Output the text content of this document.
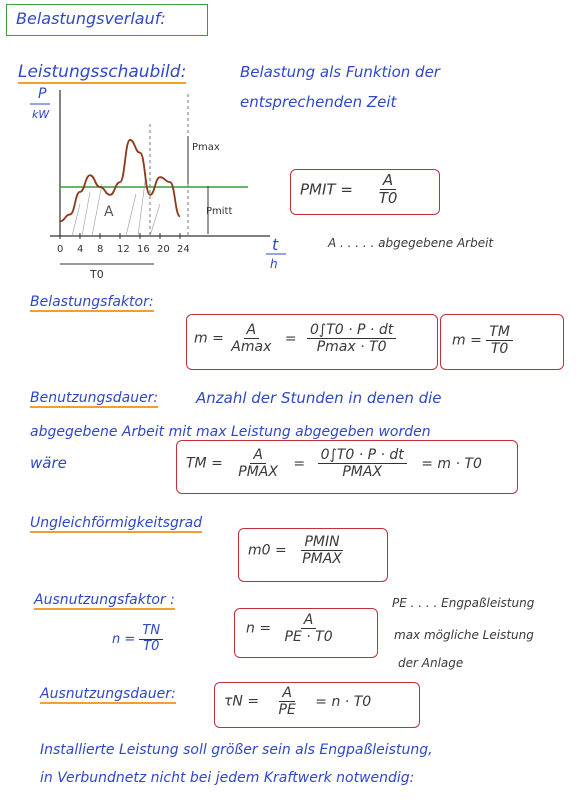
Belastungsverlauf:
Leistungsschaubild:	Belastung als Funktion der
entsprechenden Zeit
0 4 8 12 16 20 24
P
kW
t
h
A
Pmax
Pmitt
T0
PMIT = $\frac{A}{T0}$
A . . . . . abgegebene Arbeit
Belastungsfaktor:
$m = \frac{A}{Amax} = \frac{0\int T0 \cdot P \cdot dt}{Pmax \cdot T0}$	$m = \frac{TM}{T0}$
Benutzungsdauer:	Anzahl der Stunden in denen die
abgegebene Arbeit mit max Leistung abgegeben worden
wäre	TM = $\frac{A}{\text{PMAX}} = \frac{0\int T0 \cdot P \cdot dt}{\text{PMAX}} = m \cdot T0$
Ungleichförmigkeitsgrad
$m0 = \frac{\text{PMIN}}{\text{PMAX}}$
Ausnutzungsfaktor :
$n = \frac{TN}{T0}$	$n = \frac{A}{PE \cdot T0}$
PE . . . . Engpaßleistung
max mögliche Leistung
der Anlage
Ausnutzungsdauer:	$\tau N = \frac{A}{PE} = n \cdot T0$
Installierte Leistung soll größer sein als Engpaßleistung,
in Verbundnetz nicht bei jedem Kraftwerk notwendig:
